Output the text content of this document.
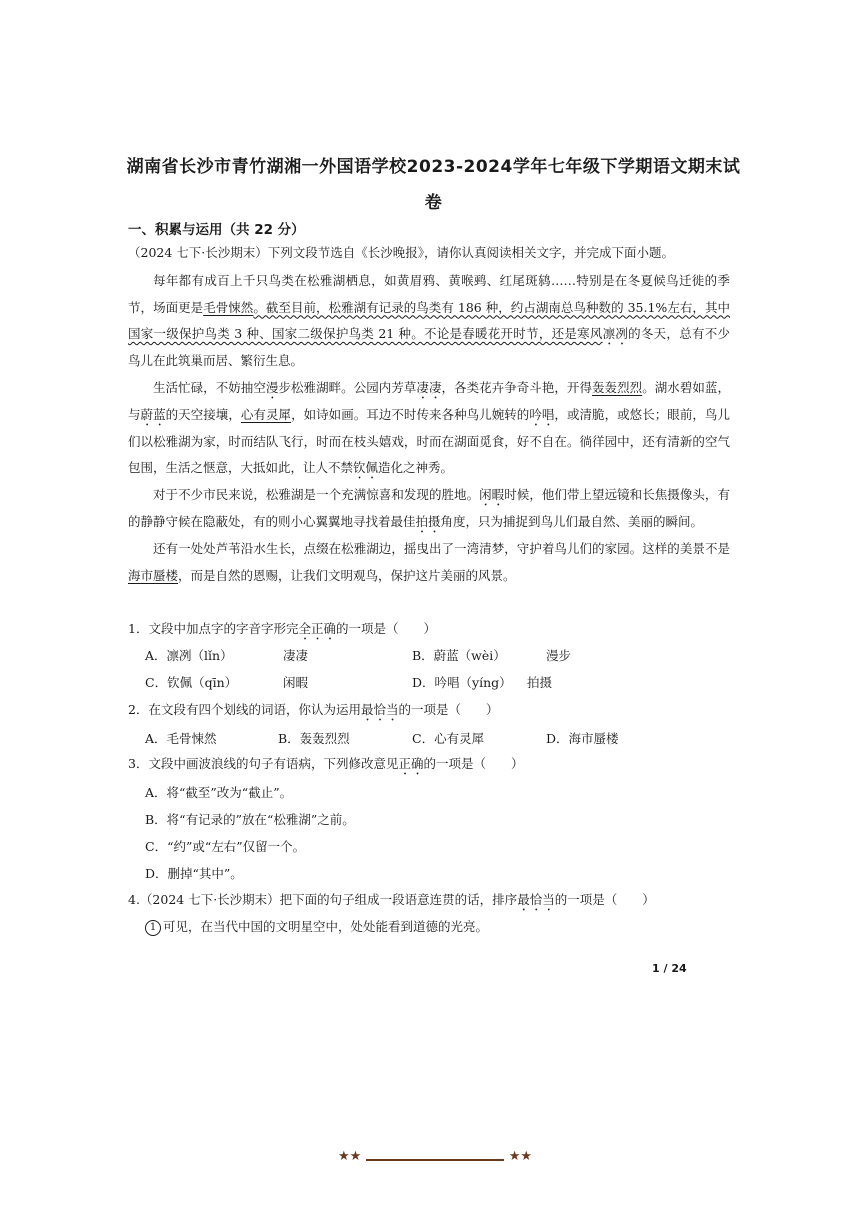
湖南省长沙市青竹湖湘一外国语学校2023-2024学年七年级下学期语文期末试
卷
一、积累与运用（共 22 分）
（2024 七下·长沙期末）下列文段节选自《长沙晚报》，请你认真阅读相关文字，并完成下面小题。

每年都有成百上千只鸟类在松雅湖栖息，如黄眉鸦、黄喉鹀、红尾斑鸫……特别是在冬夏候鸟迁徙的季节，场面更是毛骨悚然。截至目前，松雅湖有记录的鸟类有 186 种，约占湖南总鸟种数的 35.1%左右，其中国家一级保护鸟类 3 种、国家二级保护鸟类 21 种。不论是春暖花开时节，还是寒风凛冽的冬天，总有不少鸟儿在此筑巢而居、繁衍生息。

生活忙碌，不妨抽空漫步松雅湖畔。公园内芳草凄凄，各类花卉争奇斗艳，开得轰轰烈烈。湖水碧如蓝，与蔚蓝的天空接壤，心有灵犀，如诗如画。耳边不时传来各种鸟儿婉转的吟唱，或清脆，或悠长；眼前，鸟儿们以松雅湖为家，时而结队飞行，时而在枝头嬉戏，时而在湖面觅食，好不自在。徜徉园中，还有清新的空气包围，生活之惬意，大抵如此，让人不禁钦佩造化之神秀。

对于不少市民来说，松雅湖是一个充满惊喜和发现的胜地。闲暇时候，他们带上望远镜和长焦摄像头，有的静静守候在隐蔽处，有的则小心翼翼地寻找着最佳拍摄角度，只为捕捉到鸟儿们最自然、美丽的瞬间。

还有一处处芦苇沿水生长，点缀在松雅湖边，摇曳出了一湾清梦，守护着鸟儿们的家园。这样的美景不是海市蜃楼，而是自然的恩赐，让我们文明观鸟，保护这片美丽的风景。

1．文段中加点字的字音字形完全正确的一项是（　　）
A．凛冽（lǐn）	凄凄	B．蔚蓝（wèi）	漫步
C．钦佩（qīn）	闲暇	D．吟唱（yíng） 拍摄
2．在文段有四个划线的词语，你认为运用最恰当的一项是（　　）
A．毛骨悚然	B．轰轰烈烈	C．心有灵犀	D．海市蜃楼
3．文段中画波浪线的句子有语病，下列修改意见正确的一项是（　　）
A．将“截至”改为“截止”。
B．将“有记录的”放在“松雅湖”之前。
C．“约”或“左右”仅留一个。
D．删掉“其中”。
4.（2024 七下·长沙期末）把下面的句子组成一段语意连贯的话，排序最恰当的一项是（　　）
1 可见，在当代中国的文明星空中，处处能看到道德的光亮。
1 / 24
★★	★★
